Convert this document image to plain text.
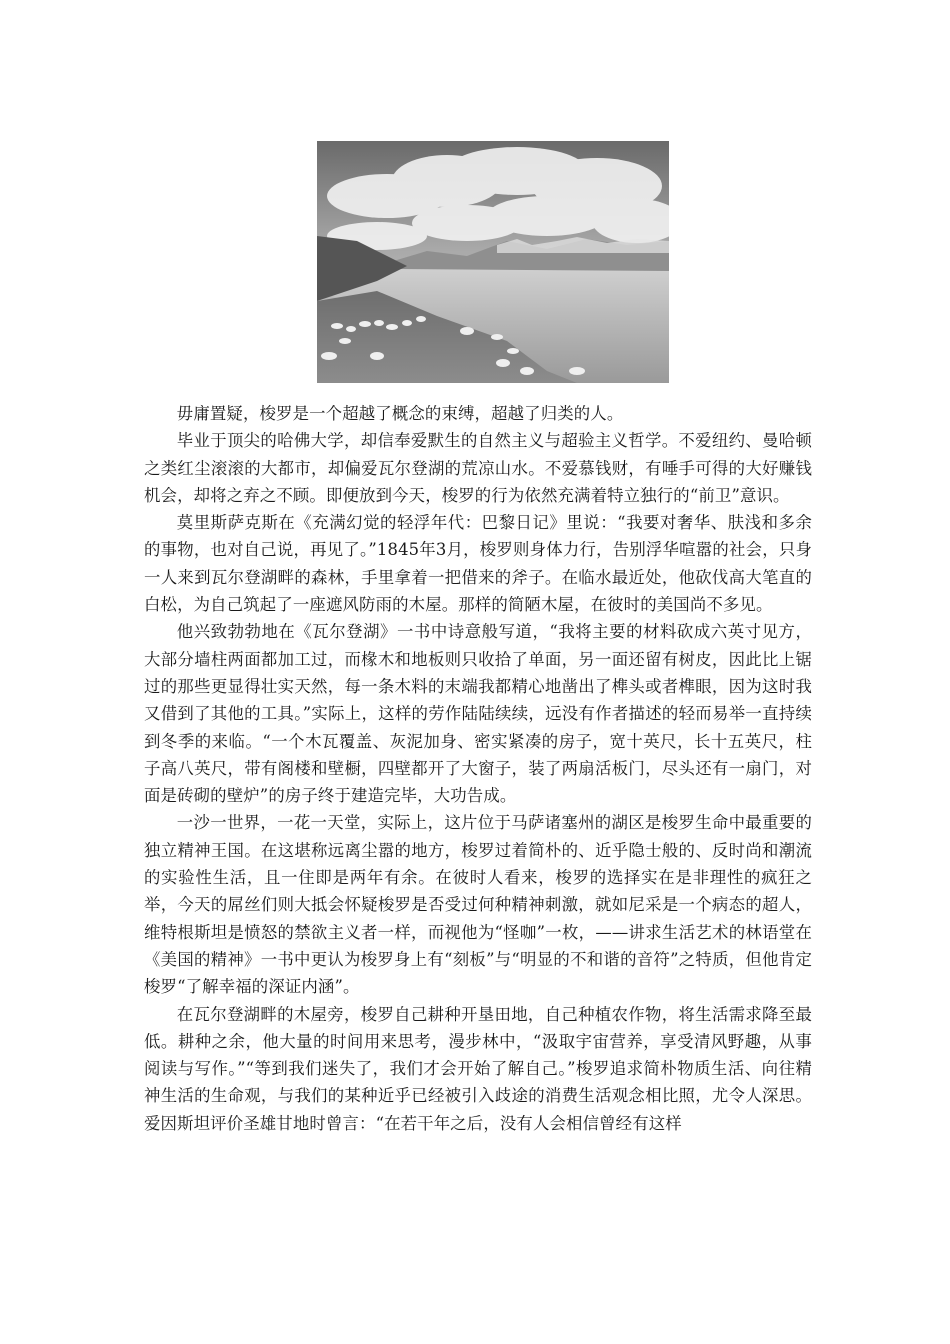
毋庸置疑，梭罗是一个超越了概念的束缚，超越了归类的人。

毕业于顶尖的哈佛大学，却信奉爱默生的自然主义与超验主义哲学。不爱纽约、曼哈顿之类红尘滚滚的大都市，却偏爱瓦尔登湖的荒凉山水。不爱慕钱财，有唾手可得的大好赚钱机会，却将之弃之不顾。即便放到今天，梭罗的行为依然充满着特立独行的“前卫”意识。

莫里斯萨克斯在《充满幻觉的轻浮年代：巴黎日记》里说：“我要对奢华、肤浅和多余的事物，也对自己说，再见了。”1845年3月，梭罗则身体力行，告别浮华喧嚣的社会，只身一人来到瓦尔登湖畔的森林，手里拿着一把借来的斧子。在临水最近处，他砍伐高大笔直的白松，为自己筑起了一座遮风防雨的木屋。那样的简陋木屋，在彼时的美国尚不多见。

他兴致勃勃地在《瓦尔登湖》一书中诗意般写道，“我将主要的材料砍成六英寸见方，大部分墙柱两面都加工过，而椽木和地板则只收拾了单面，另一面还留有树皮，因此比上锯过的那些更显得壮实天然，每一条木料的末端我都精心地凿出了榫头或者榫眼，因为这时我又借到了其他的工具。”实际上，这样的劳作陆陆续续，远没有作者描述的轻而易举一直持续到冬季的来临。“一个木瓦覆盖、灰泥加身、密实紧凑的房子，宽十英尺，长十五英尺，柱子高八英尺，带有阁楼和壁橱，四壁都开了大窗子，装了两扇活板门，尽头还有一扇门，对面是砖砌的壁炉”的房子终于建造完毕，大功告成。

一沙一世界，一花一天堂，实际上，这片位于马萨诸塞州的湖区是梭罗生命中最重要的独立精神王国。在这堪称远离尘嚣的地方，梭罗过着简朴的、近乎隐士般的、反时尚和潮流的实验性生活，且一住即是两年有余。在彼时人看来，梭罗的选择实在是非理性的疯狂之举，今天的屌丝们则大抵会怀疑梭罗是否受过何种精神刺激，就如尼采是一个病态的超人，维特根斯坦是愤怒的禁欲主义者一样，而视他为“怪咖”一枚，——讲求生活艺术的林语堂在《美国的精神》一书中更认为梭罗身上有“刻板”与“明显的不和谐的音符”之特质，但他肯定梭罗“了解幸福的深证内涵”。

在瓦尔登湖畔的木屋旁，梭罗自己耕种开垦田地，自己种植农作物，将生活需求降至最低。耕种之余，他大量的时间用来思考，漫步林中，“汲取宇宙营养，享受清风野趣，从事阅读与写作。”“等到我们迷失了，我们才会开始了解自己。”梭罗追求简朴物质生活、向往精神生活的生命观，与我们的某种近乎已经被引入歧途的消费生活观念相比照，尤令人深思。爱因斯坦评价圣雄甘地时曾言：“在若干年之后，没有人会相信曾经有这样
